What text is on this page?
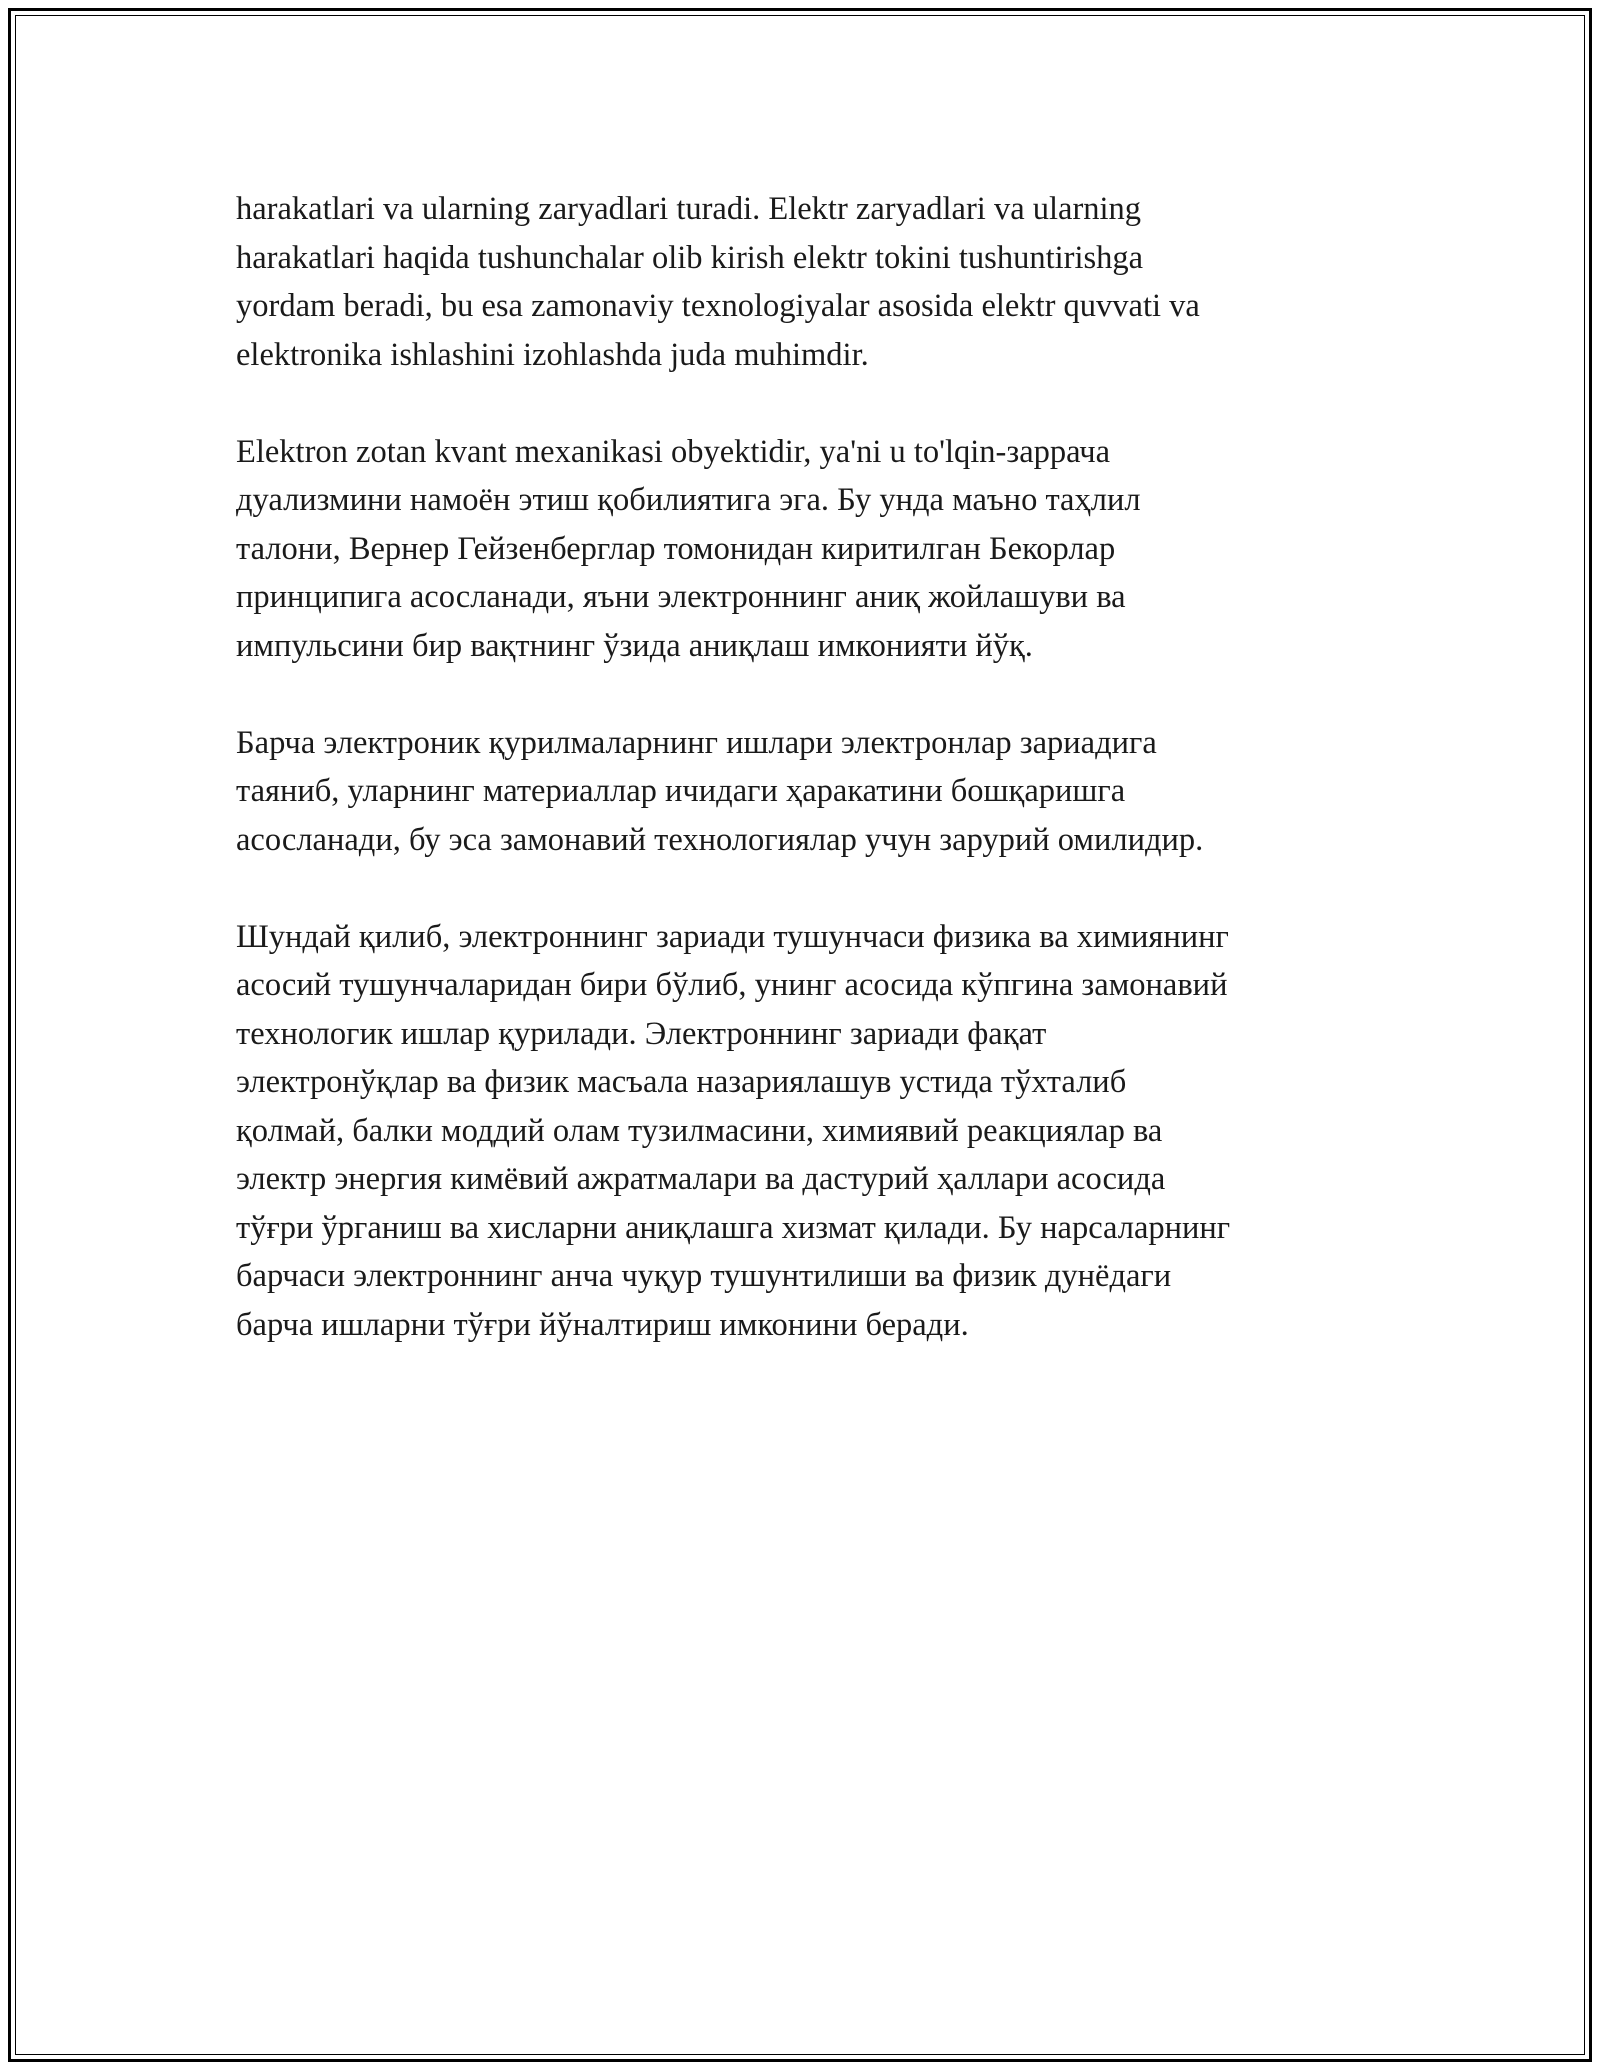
harakatlari va ularning zaryadlari turadi. Elektr zaryadlari va ularning
harakatlari haqida tushunchalar olib kirish elektr tokini tushuntirishga
yordam beradi, bu esa zamonaviy texnologiyalar asosida elektr quvvati va
elektronika ishlashini izohlashda juda muhimdir.

Elektron zotan kvant mexanikasi obyektidir, ya'ni u to'lqin-заррача
дуализмини намоён этиш қобилиятига эга. Бу унда маъно таҳлил
талони, Вернер Гейзенберглар томонидан киритилган Бекорлар
принципига асосланади, яъни электроннинг аниқ жойлашуви ва
импульсини бир вақтнинг ўзида аниқлаш имконияти йўқ.

Барча электроник қурилмаларнинг ишлари электронлар зариадига
таяниб, уларнинг материаллар ичидаги ҳаракатини бошқаришга
асосланади, бу эса замонавий технологиялар учун зарурий омилидир.

Шундай қилиб, электроннинг зариади тушунчаси физика ва химиянинг
асосий тушунчаларидан бири бўлиб, унинг асосида кўпгина замонавий
технологик ишлар қурилади. Электроннинг зариади фақат
электронўқлар ва физик масъала назариялашув устида тўхталиб
қолмай, балки моддий олам тузилмасини, химиявий реакциялар ва
электр энергия кимёвий ажратмалари ва дастурий ҳаллари асосида
тўғри ўрганиш ва хисларни аниқлашга хизмат қилади. Бу нарсаларнинг
барчаси электроннинг анча чуқур тушунтилиши ва физик дунёдаги
барча ишларни тўғри йўналтириш имконини беради.
